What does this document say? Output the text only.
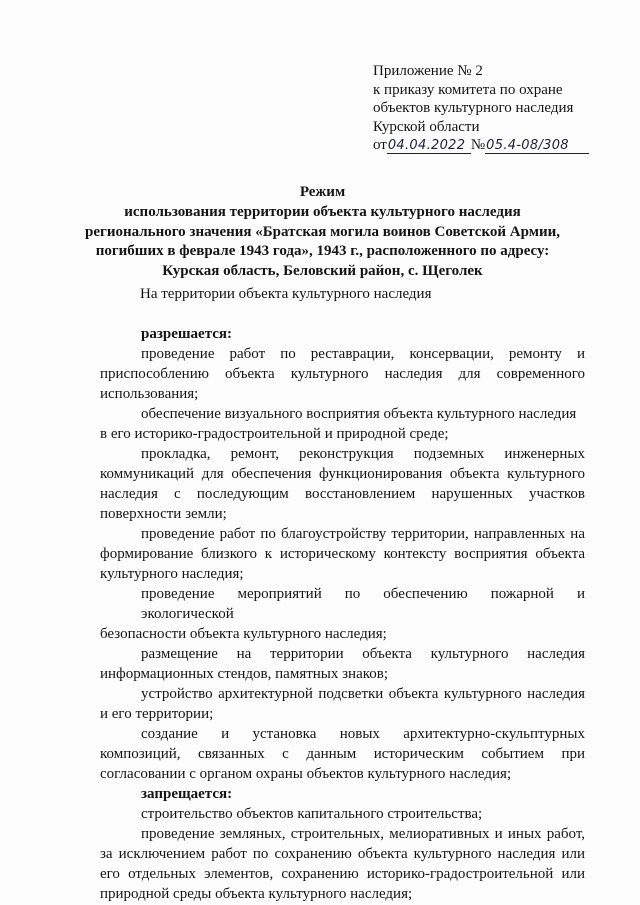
Приложение № 2
к приказу комитета по охране
объектов культурного наследия
Курской области
от04.04.2022 №05.4-08/308
Режим
использования территории объекта культурного наследия
регионального значения «Братская могила воинов Советской Армии,
погибших в феврале 1943 года», 1943 г., расположенного по адресу:
Курская область, Беловский район, с. Щеголек
На территории объекта культурного наследия
разрешается:
проведение работ по реставрации, консервации, ремонту и
приспособлению объекта культурного наследия для современного
использования;
обеспечение визуального восприятия объекта культурного наследия
в его историко-градостроительной и природной среде;
прокладка, ремонт, реконструкция подземных инженерных
коммуникаций для обеспечения функционирования объекта культурного
наследия с последующим восстановлением нарушенных участков
поверхности земли;
проведение работ по благоустройству территории, направленных на
формирование близкого к историческому контексту восприятия объекта
культурного наследия;
проведение мероприятий по обеспечению пожарной и экологической
безопасности объекта культурного наследия;
размещение на территории объекта культурного наследия
информационных стендов, памятных знаков;
устройство архитектурной подсветки объекта культурного наследия
и его территории;
создание и установка новых архитектурно-скульптурных
композиций, связанных с данным историческим событием при
согласовании с органом охраны объектов культурного наследия;
запрещается:
строительство объектов капитального строительства;
проведение земляных, строительных, мелиоративных и иных работ,
за исключением работ по сохранению объекта культурного наследия или
его отдельных элементов, сохранению историко-градостроительной или
природной среды объекта культурного наследия;
